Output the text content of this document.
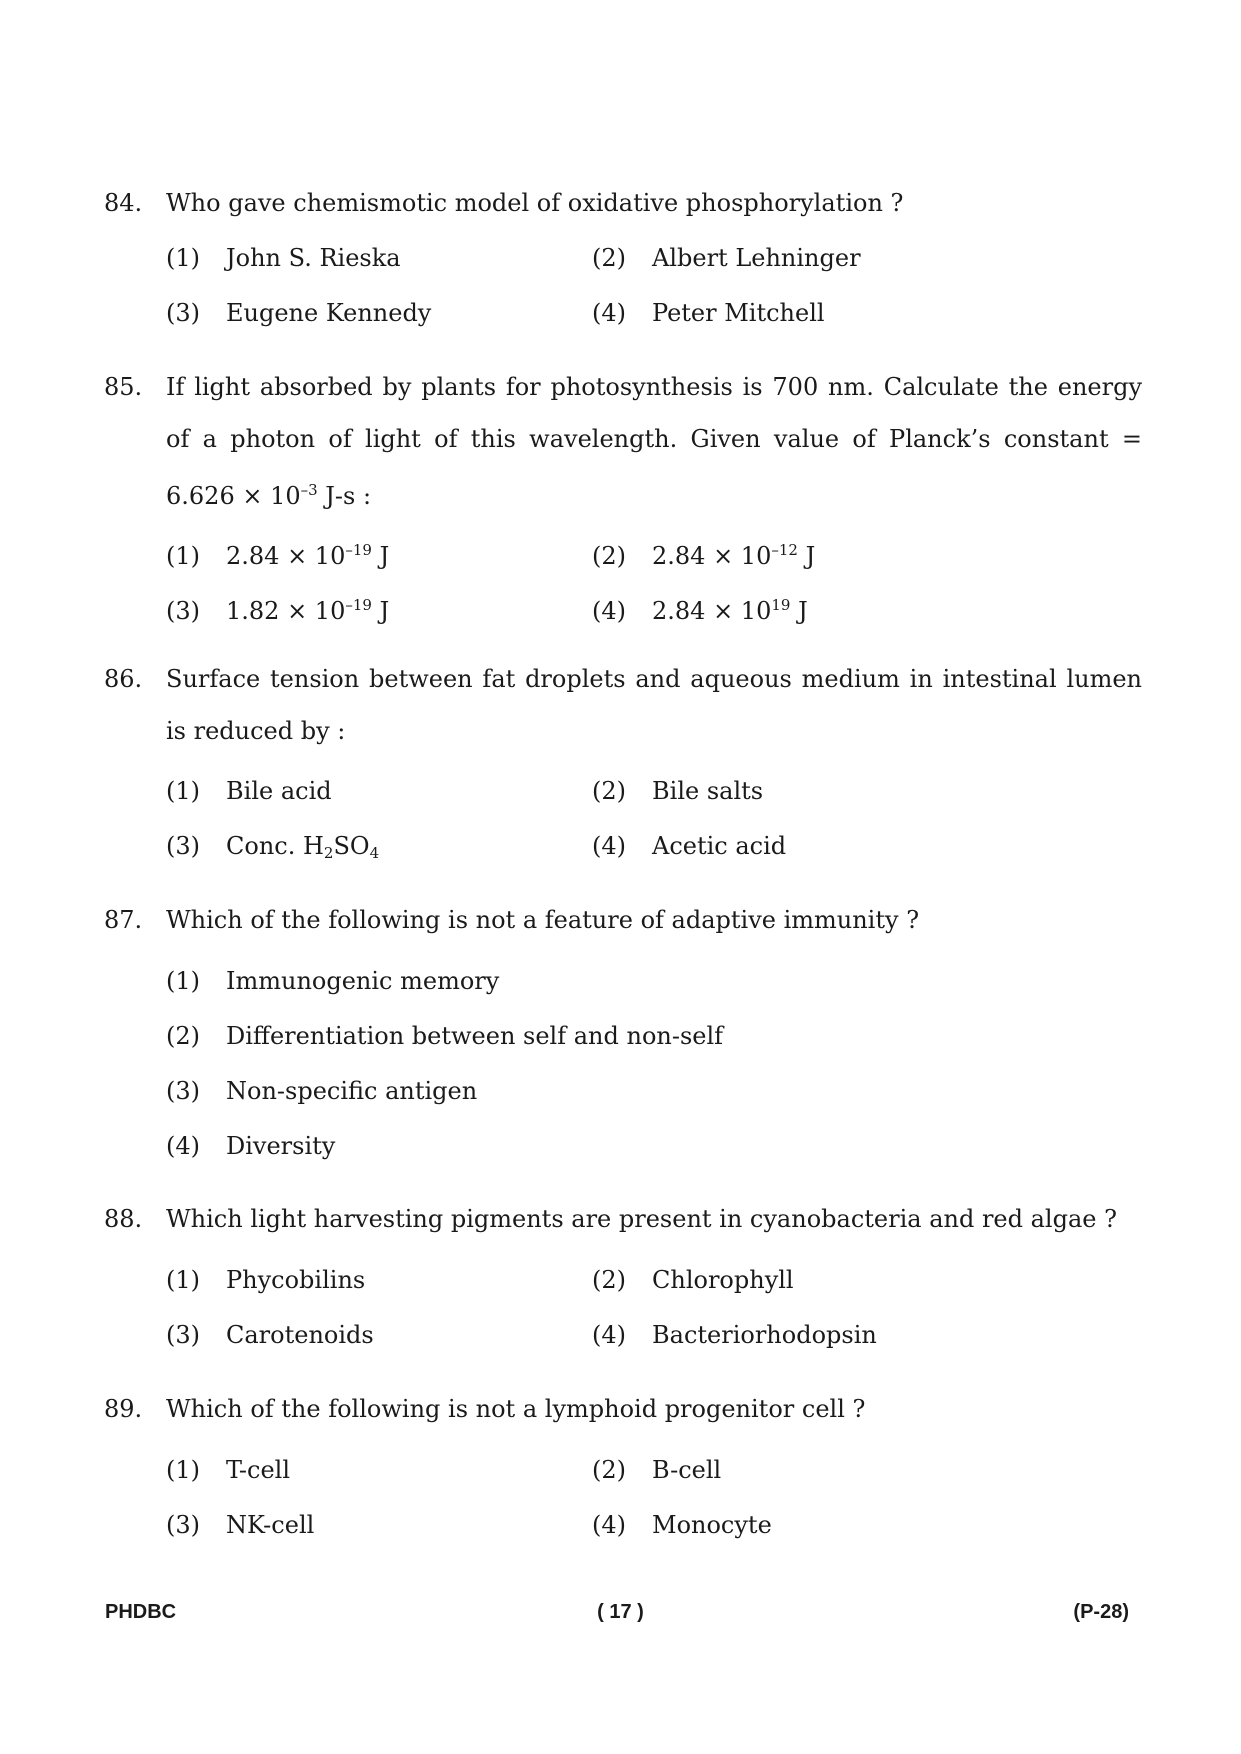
84. Who gave chemismotic model of oxidative phosphorylation ?
(1) John S. Rieska	(2) Albert Lehninger
(3) Eugene Kennedy	(4) Peter Mitchell
85. If light absorbed by plants for photosynthesis is 700 nm. Calculate the energy of a photon of light of this wavelength. Given value of Planck’s constant =
$6.626 \times 10^{-3}$ J-s :
(1) $2.84 \times 10^{-19}$ J	(2) $2.84 \times 10^{-12}$ J
(3) $1.82 \times 10^{-19}$ J	(4) $2.84 \times 10^{19}$ J
86. Surface tension between fat droplets and aqueous medium in intestinal lumen is reduced by :
(1) Bile acid	(2) Bile salts
(3) Conc. $H_2SO_4$	(4) Acetic acid
87. Which of the following is not a feature of adaptive immunity ?
(1) Immunogenic memory
(2) Differentiation between self and non-self
(3) Non-specific antigen
(4) Diversity
88. Which light harvesting pigments are present in cyanobacteria and red algae ?
(1) Phycobilins	(2) Chlorophyll
(3) Carotenoids	(4) Bacteriorhodopsin
89. Which of the following is not a lymphoid progenitor cell ?
(1) T-cell	(2) B-cell
(3) NK-cell	(4) Monocyte
PHDBC	( 17 )	(P-28)
